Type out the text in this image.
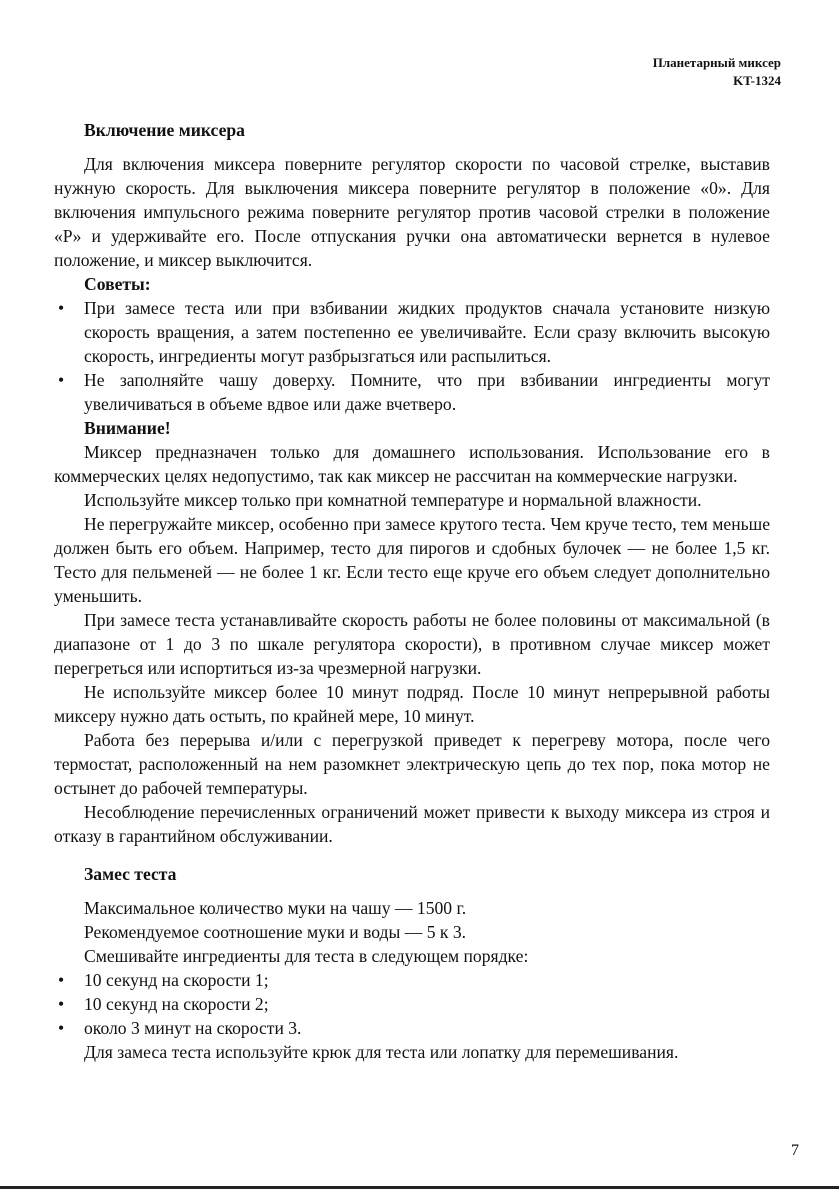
Планетарный миксер
KT-1324

Включение миксера

Для включения миксера поверните регулятор скорости по часовой стрелке, выставив нужную скорость. Для выключения миксера поверните регулятор в положение «0». Для включения импульсного режима поверните регулятор против часовой стрелки в положение «P» и удерживайте его. После отпускания ручки она автоматически вернется в нулевое положение, и миксер выключится.

Советы:

• При замесе теста или при взбивании жидких продуктов сначала установите низкую скорость вращения, а затем постепенно ее увеличивайте. Если сразу включить высокую скорость, ингредиенты могут разбрызгаться или распылиться.
• Не заполняйте чашу доверху. Помните, что при взбивании ингредиенты могут увеличиваться в объеме вдвое или даже вчетверо.

Внимание!

Миксер предназначен только для домашнего использования. Использование его в коммерческих целях недопустимо, так как миксер не рассчитан на коммерческие нагрузки.

Используйте миксер только при комнатной температуре и нормальной влажности.

Не перегружайте миксер, особенно при замесе крутого теста. Чем круче тесто, тем меньше должен быть его объем. Например, тесто для пирогов и сдобных булочек — не более 1,5 кг. Тесто для пельменей — не более 1 кг. Если тесто еще круче его объем следует дополнительно уменьшить.

При замесе теста устанавливайте скорость работы не более половины от максимальной (в диапазоне от 1 до 3 по шкале регулятора скорости), в противном случае миксер может перегреться или испортиться из-за чрезмерной нагрузки.

Не используйте миксер более 10 минут подряд. После 10 минут непрерывной работы миксеру нужно дать остыть, по крайней мере, 10 минут.

Работа без перерыва и/или с перегрузкой приведет к перегреву мотора, после чего термостат, расположенный на нем разомкнет электрическую цепь до тех пор, пока мотор не остынет до рабочей температуры.

Несоблюдение перечисленных ограничений может привести к выходу миксера из строя и отказу в гарантийном обслуживании.

Замес теста

Максимальное количество муки на чашу — 1500 г.

Рекомендуемое соотношение муки и воды — 5 к 3.

Смешивайте ингредиенты для теста в следующем порядке:

• 10 секунд на скорости 1;
• 10 секунд на скорости 2;
• около 3 минут на скорости 3.

Для замеса теста используйте крюк для теста или лопатку для перемешивания.

7
